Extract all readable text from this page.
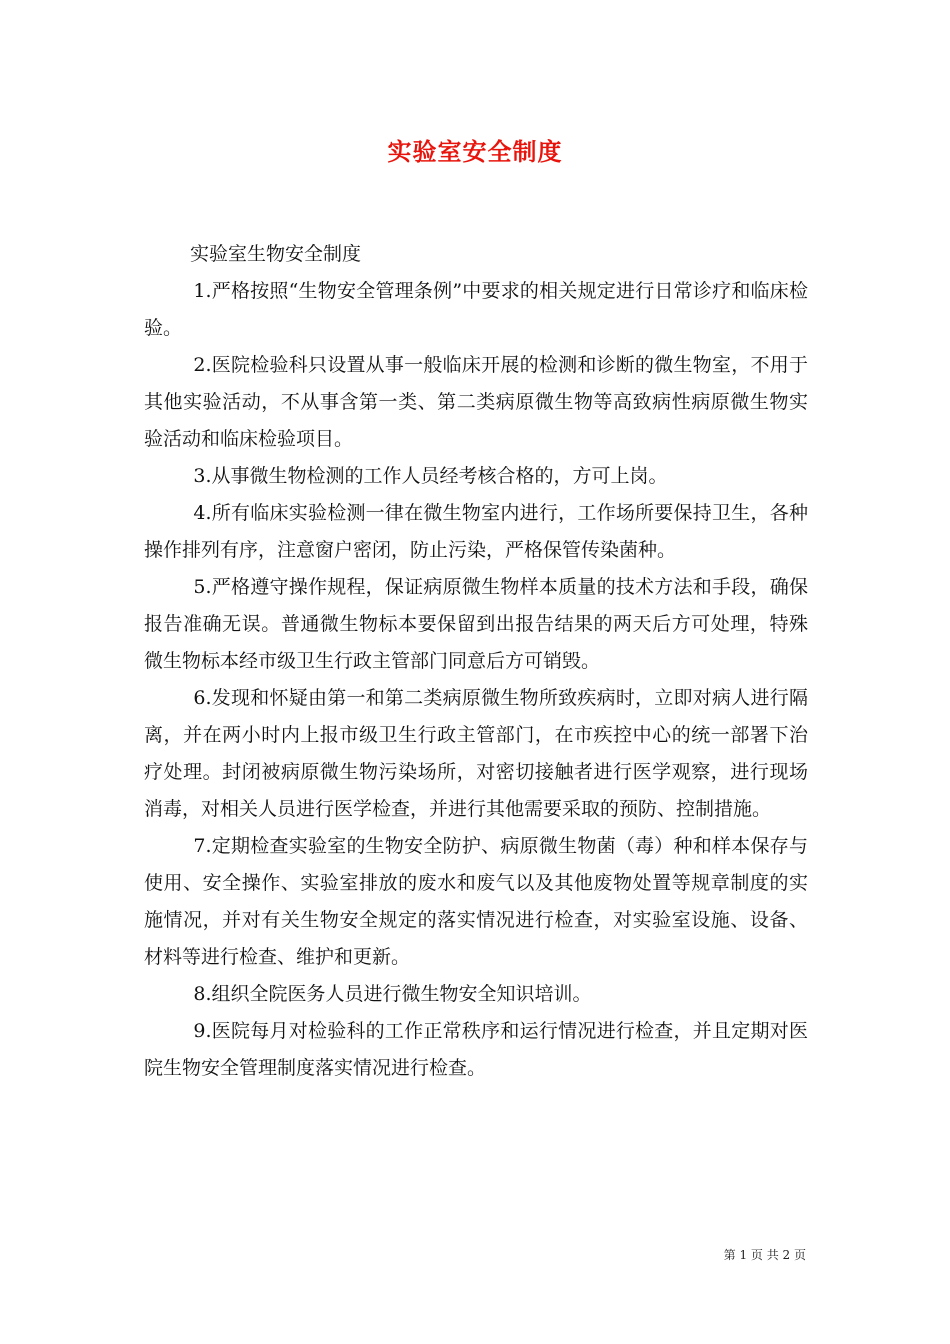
实验室安全制度
实验室生物安全制度

1.严格按照“生物安全管理条例”中要求的相关规定进行日常诊疗和临床检验。

2.医院检验科只设置从事一般临床开展的检测和诊断的微生物室，不用于其他实验活动，不从事含第一类、第二类病原微生物等高致病性病原微生物实验活动和临床检验项目。

3.从事微生物检测的工作人员经考核合格的，方可上岗。

4.所有临床实验检测一律在微生物室内进行，工作场所要保持卫生，各种操作排列有序，注意窗户密闭，防止污染，严格保管传染菌种。

5.严格遵守操作规程，保证病原微生物样本质量的技术方法和手段，确保报告准确无误。普通微生物标本要保留到出报告结果的两天后方可处理，特殊微生物标本经市级卫生行政主管部门同意后方可销毁。

6.发现和怀疑由第一和第二类病原微生物所致疾病时，立即对病人进行隔离，并在两小时内上报市级卫生行政主管部门，在市疾控中心的统一部署下治疗处理。封闭被病原微生物污染场所，对密切接触者进行医学观察，进行现场消毒，对相关人员进行医学检查，并进行其他需要采取的预防、控制措施。

7.定期检查实验室的生物安全防护、病原微生物菌（毒）种和样本保存与使用、安全操作、实验室排放的废水和废气以及其他废物处置等规章制度的实施情况，并对有关生物安全规定的落实情况进行检查，对实验室设施、设备、材料等进行检查、维护和更新。

8.组织全院医务人员进行微生物安全知识培训。

9.医院每月对检验科的工作正常秩序和运行情况进行检查，并且定期对医院生物安全管理制度落实情况进行检查。

第 1 页 共 2 页
